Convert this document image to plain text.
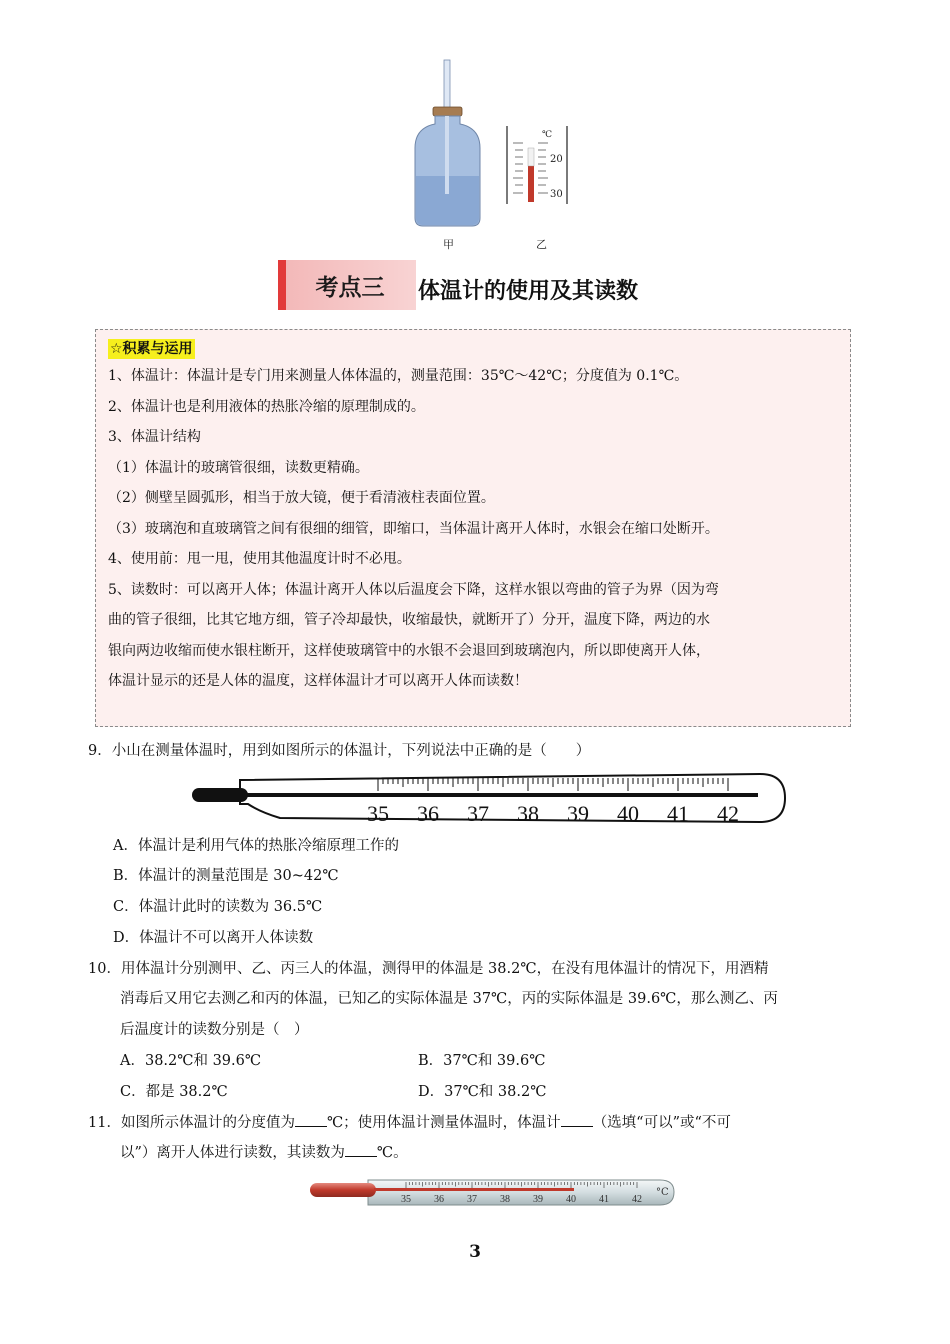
甲
℃
20
30
乙
考点三	体温计的使用及其读数
☆积累与运用

1、体温计：体温计是专门用来测量人体体温的，测量范围：35℃～42℃；分度值为 0.1℃。

2、体温计也是利用液体的热胀冷缩的原理制成的。

3、体温计结构

（1）体温计的玻璃管很细，读数更精确。

（2）侧壁呈圆弧形，相当于放大镜，便于看清液柱表面位置。

（3）玻璃泡和直玻璃管之间有很细的细管，即缩口，当体温计离开人体时，水银会在缩口处断开。

4、使用前：甩一甩，使用其他温度计时不必甩。

5、读数时：可以离开人体；体温计离开人体以后温度会下降，这样水银以弯曲的管子为界（因为弯

曲的管子很细，比其它地方细，管子冷却最快，收缩最快，就断开了）分开，温度下降，两边的水

银向两边收缩而使水银柱断开，这样使玻璃管中的水银不会退回到玻璃泡内，所以即使离开人体，

体温计显示的还是人体的温度，这样体温计才可以离开人体而读数！

9．小山在测量体温时，用到如图所示的体温计，下列说法中正确的是（　　）
35 36 37 38 39 40 41 42
A．体温计是利用气体的热胀冷缩原理工作的
B．体温计的测量范围是 30~42℃
C．体温计此时的读数为 36.5℃
D．体温计不可以离开人体读数
10．用体温计分别测甲、乙、丙三人的体温，测得甲的体温是 38.2℃，在没有甩体温计的情况下，用酒精
消毒后又用它去测乙和丙的体温，已知乙的实际体温是 37℃，丙的实际体温是 39.6℃，那么测乙、丙
后温度计的读数分别是（　）
A．38.2℃和 39.6℃	B．37℃和 39.6℃
C．都是 38.2℃	D．37℃和 38.2℃
11．如图所示体温计的分度值为 ℃；使用体温计测量体温时，体温计 （选填“可以”或“不可
以”）离开人体进行读数，其读数为 ℃。
35 36 37 38 39 40 41 42
°C
3
